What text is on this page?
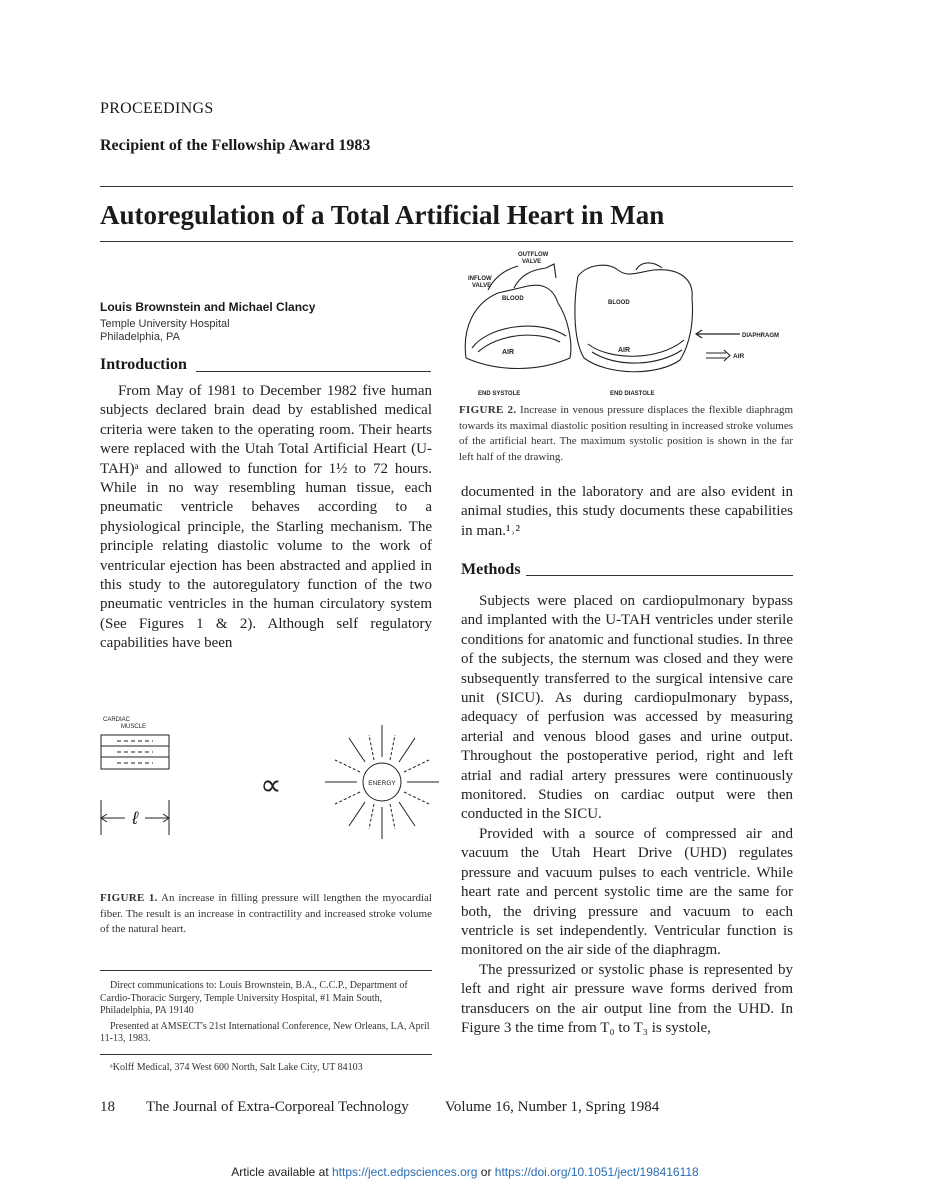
PROCEEDINGS
Recipient of the Fellowship Award 1983
Autoregulation of a Total Artificial Heart in Man
Louis Brownstein and Michael Clancy
Temple University Hospital
Philadelphia, PA
Introduction

From May of 1981 to December 1982 five human subjects declared brain dead by established medical criteria were taken to the operating room. Their hearts were replaced with the Utah Total Artificial Heart (U-TAH)ᵃ and allowed to function for 1½ to 72 hours. While in no way resembling human tissue, each pneumatic ventricle behaves according to a physiological principle, the Starling mechanism. The principle relating diastolic volume to the work of ventricular ejection has been abstracted and applied in this study to the autoregulatory function of the two pneumatic ventricles in the human circulatory system (See Figures 1 & 2). Although self regulatory capabilities have been

CARDIAC
MUSCLE
ℓ
∝	ENERGY
FIGURE 1. An increase in filling pressure will lengthen the myocardial fiber. The result is an increase in contractility and increased stroke volume of the natural heart.

Direct communications to: Louis Brownstein, B.A., C.C.P., Department of Cardio-Thoracic Surgery, Temple University Hospital, #1 Main South, Philadelphia, PA 19140

Presented at AMSECT's 21st International Conference, New Orleans, LA, April 11-13, 1983.

ᵃKolff Medical, 374 West 600 North, Salt Lake City, UT 84103
OUTFLOW
VALVE
INFLOW
VALVE
BLOOD
AIR
BLOOD
AIR
DIAPHRAGM
AIR
END SYSTOLE	END DIASTOLE
FIGURE 2. Increase in venous pressure displaces the flexible diaphragm towards its maximal diastolic position resulting in increased stroke volumes of the artificial heart. The maximum systolic position is shown in the far left half of the drawing.

documented in the laboratory and are also evident in animal studies, this study documents these capabilities in man.¹˒²

Methods

Subjects were placed on cardiopulmonary bypass and implanted with the U-TAH ventricles under sterile conditions for anatomic and functional studies. In three of the subjects, the sternum was closed and they were subsequently transferred to the surgical intensive care unit (SICU). As during cardiopulmonary bypass, adequacy of perfusion was accessed by measuring arterial and venous blood gases and urine output. Throughout the postoperative period, right and left atrial and radial artery pressures were continuously monitored. Studies on cardiac output were then conducted in the SICU.

Provided with a source of compressed air and vacuum the Utah Heart Drive (UHD) regulates pressure and vacuum pulses to each ventricle. While heart rate and percent systolic time are the same for both, the driving pressure and vacuum to each ventricle is set independently. Ventricular function is monitored on the air side of the diaphragm.

The pressurized or systolic phase is represented by left and right air pressure wave forms derived from transducers on the air output line from the UHD. In Figure 3 the time from T₀ to T₃ is systole,

18 The Journal of Extra-Corporeal Technology Volume 16, Number 1, Spring 1984
Article available at https://ject.edpsciences.org or https://doi.org/10.1051/ject/198416118
